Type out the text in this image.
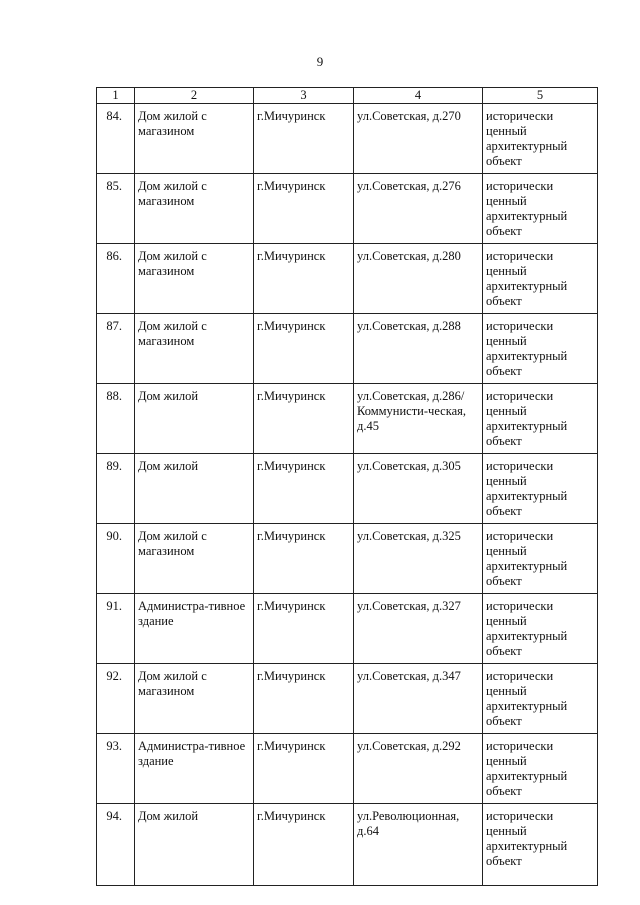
9
1	2	3	4	5
84.	Дом жилой с магазином	г.Мичуринск	ул.Советская, д.270	исторически ценный архитектурный объект
85.	Дом жилой с магазином	г.Мичуринск	ул.Советская, д.276	исторически ценный архитектурный объект
86.	Дом жилой с магазином	г.Мичуринск	ул.Советская, д.280	исторически ценный архитектурный объект
87.	Дом жилой с магазином	г.Мичуринск	ул.Советская, д.288	исторически ценный архитектурный объект
88.	Дом жилой	г.Мичуринск	ул.Советская, д.286/Коммунисти-ческая, д.45	исторически ценный архитектурный объект
89.	Дом жилой	г.Мичуринск	ул.Советская, д.305	исторически ценный архитектурный объект
90.	Дом жилой с магазином	г.Мичуринск	ул.Советская, д.325	исторически ценный архитектурный объект
91.	Администра-тивное здание	г.Мичуринск	ул.Советская, д.327	исторически ценный архитектурный объект
92.	Дом жилой с магазином	г.Мичуринск	ул.Советская, д.347	исторически ценный архитектурный объект
93.	Администра-тивное здание	г.Мичуринск	ул.Советская, д.292	исторически ценный архитектурный объект
94.	Дом жилой	г.Мичуринск	ул.Революционная, д.64	исторически ценный архитектурный объект
